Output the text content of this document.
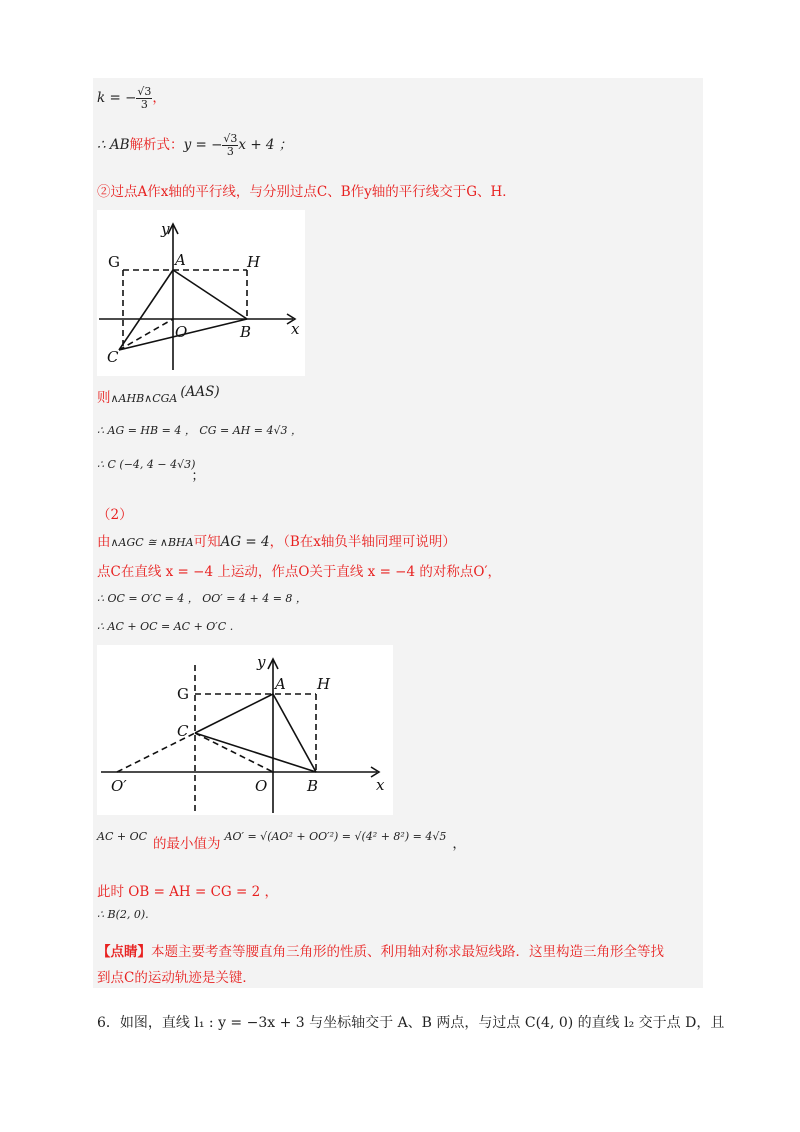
k = − $\frac{√3}{3}$ ，
∴ AB解析式：y = − $\frac{√3}{3}$ x + 4 ；
②过点A作x轴的平行线，与分别过点C、B作y轴的平行线交于G、H．
y
x
G	A	H
O	B
C
则∧AHB∧CGA (AAS)
∴ AG = HB = 4 ， CG = AH = 4√3 ，
∴ C (−4, 4 − 4√3)；
（2）
由∧AGC ≅ ∧BHA可知AG = 4，（B在x轴负半轴同理可说明）
点C在直线 x = −4 上运动，作点O关于直线 x = −4 的对称点O′，
∴ OC = O′C = 4 ， OO′ = 4 + 4 = 8 ，
∴ AC + OC = AC + O′C .
y
x
G
A H
C
O
O′	B
$^{AC + OC}$ 的最小值为 $^{AO' = √(AO^2 + OO'^2) = √(4^2 + 8^2) = 4√5}$ ，
此时 OB = AH = CG = 2 ，
∴ B(2, 0).
【点睛】本题主要考查等腰直角三角形的性质、利用轴对称求最短线路．这里构造三角形全等找
到点C的运动轨迹是关键．
6．如图，直线 l₁ : y = −3x + 3 与坐标轴交于 A、B 两点，与过点 C(4, 0) 的直线 l₂ 交于点 D，且
